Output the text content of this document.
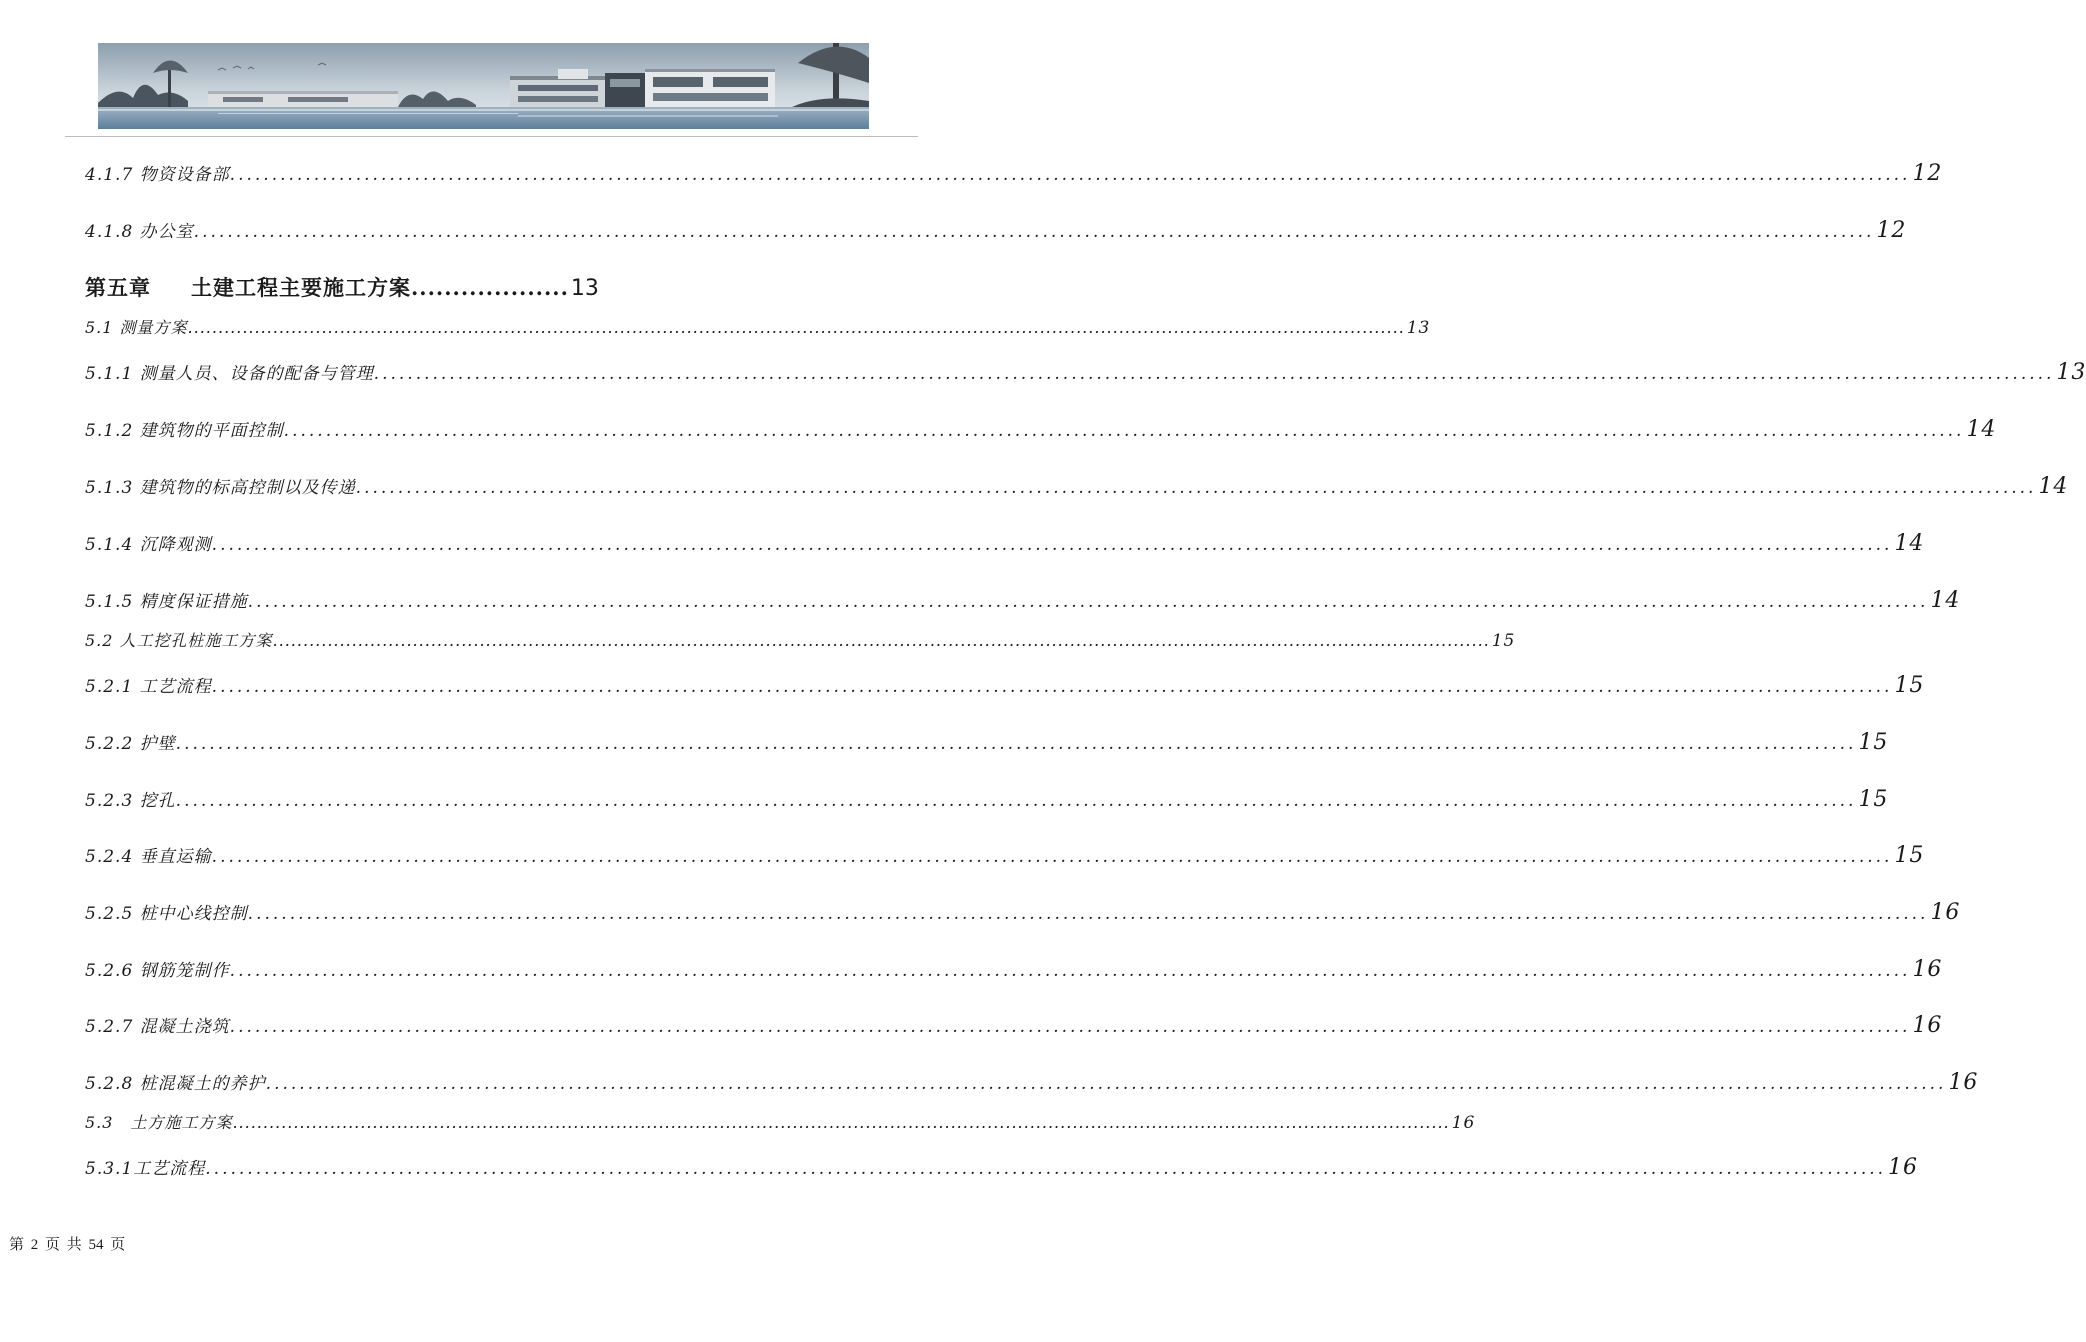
4.1.7 物资设备部 ........................................................................................................................................................................................................ 12
4.1.8 办公室 ........................................................................................................................................................................................................ 12
第五章 土建工程主要施工方案 ................... 13
5.1 测量方案 ........................................................................................................................................................................................................ 13
5.1.1 测量人员、设备的配备与管理 ........................................................................................................................................................................................................ 13
5.1.2 建筑物的平面控制 ........................................................................................................................................................................................................ 14
5.1.3 建筑物的标高控制以及传递 ........................................................................................................................................................................................................ 14
5.1.4 沉降观测 ........................................................................................................................................................................................................ 14
5.1.5 精度保证措施 ........................................................................................................................................................................................................ 14
5.2 人工挖孔桩施工方案 ........................................................................................................................................................................................................ 15
5.2.1 工艺流程 ........................................................................................................................................................................................................ 15
5.2.2 护壁 ........................................................................................................................................................................................................ 15
5.2.3 挖孔 ........................................................................................................................................................................................................ 15
5.2.4 垂直运输 ........................................................................................................................................................................................................ 15
5.2.5 桩中心线控制 ........................................................................................................................................................................................................ 16
5.2.6 钢筋笼制作 ........................................................................................................................................................................................................ 16
5.2.7 混凝土浇筑 ........................................................................................................................................................................................................ 16
5.2.8 桩混凝土的养护 ........................................................................................................................................................................................................ 16
5.3　土方施工方案 ........................................................................................................................................................................................................ 16
5.3.1工艺流程 ........................................................................................................................................................................................................ 16
第 2 页 共 54 页
